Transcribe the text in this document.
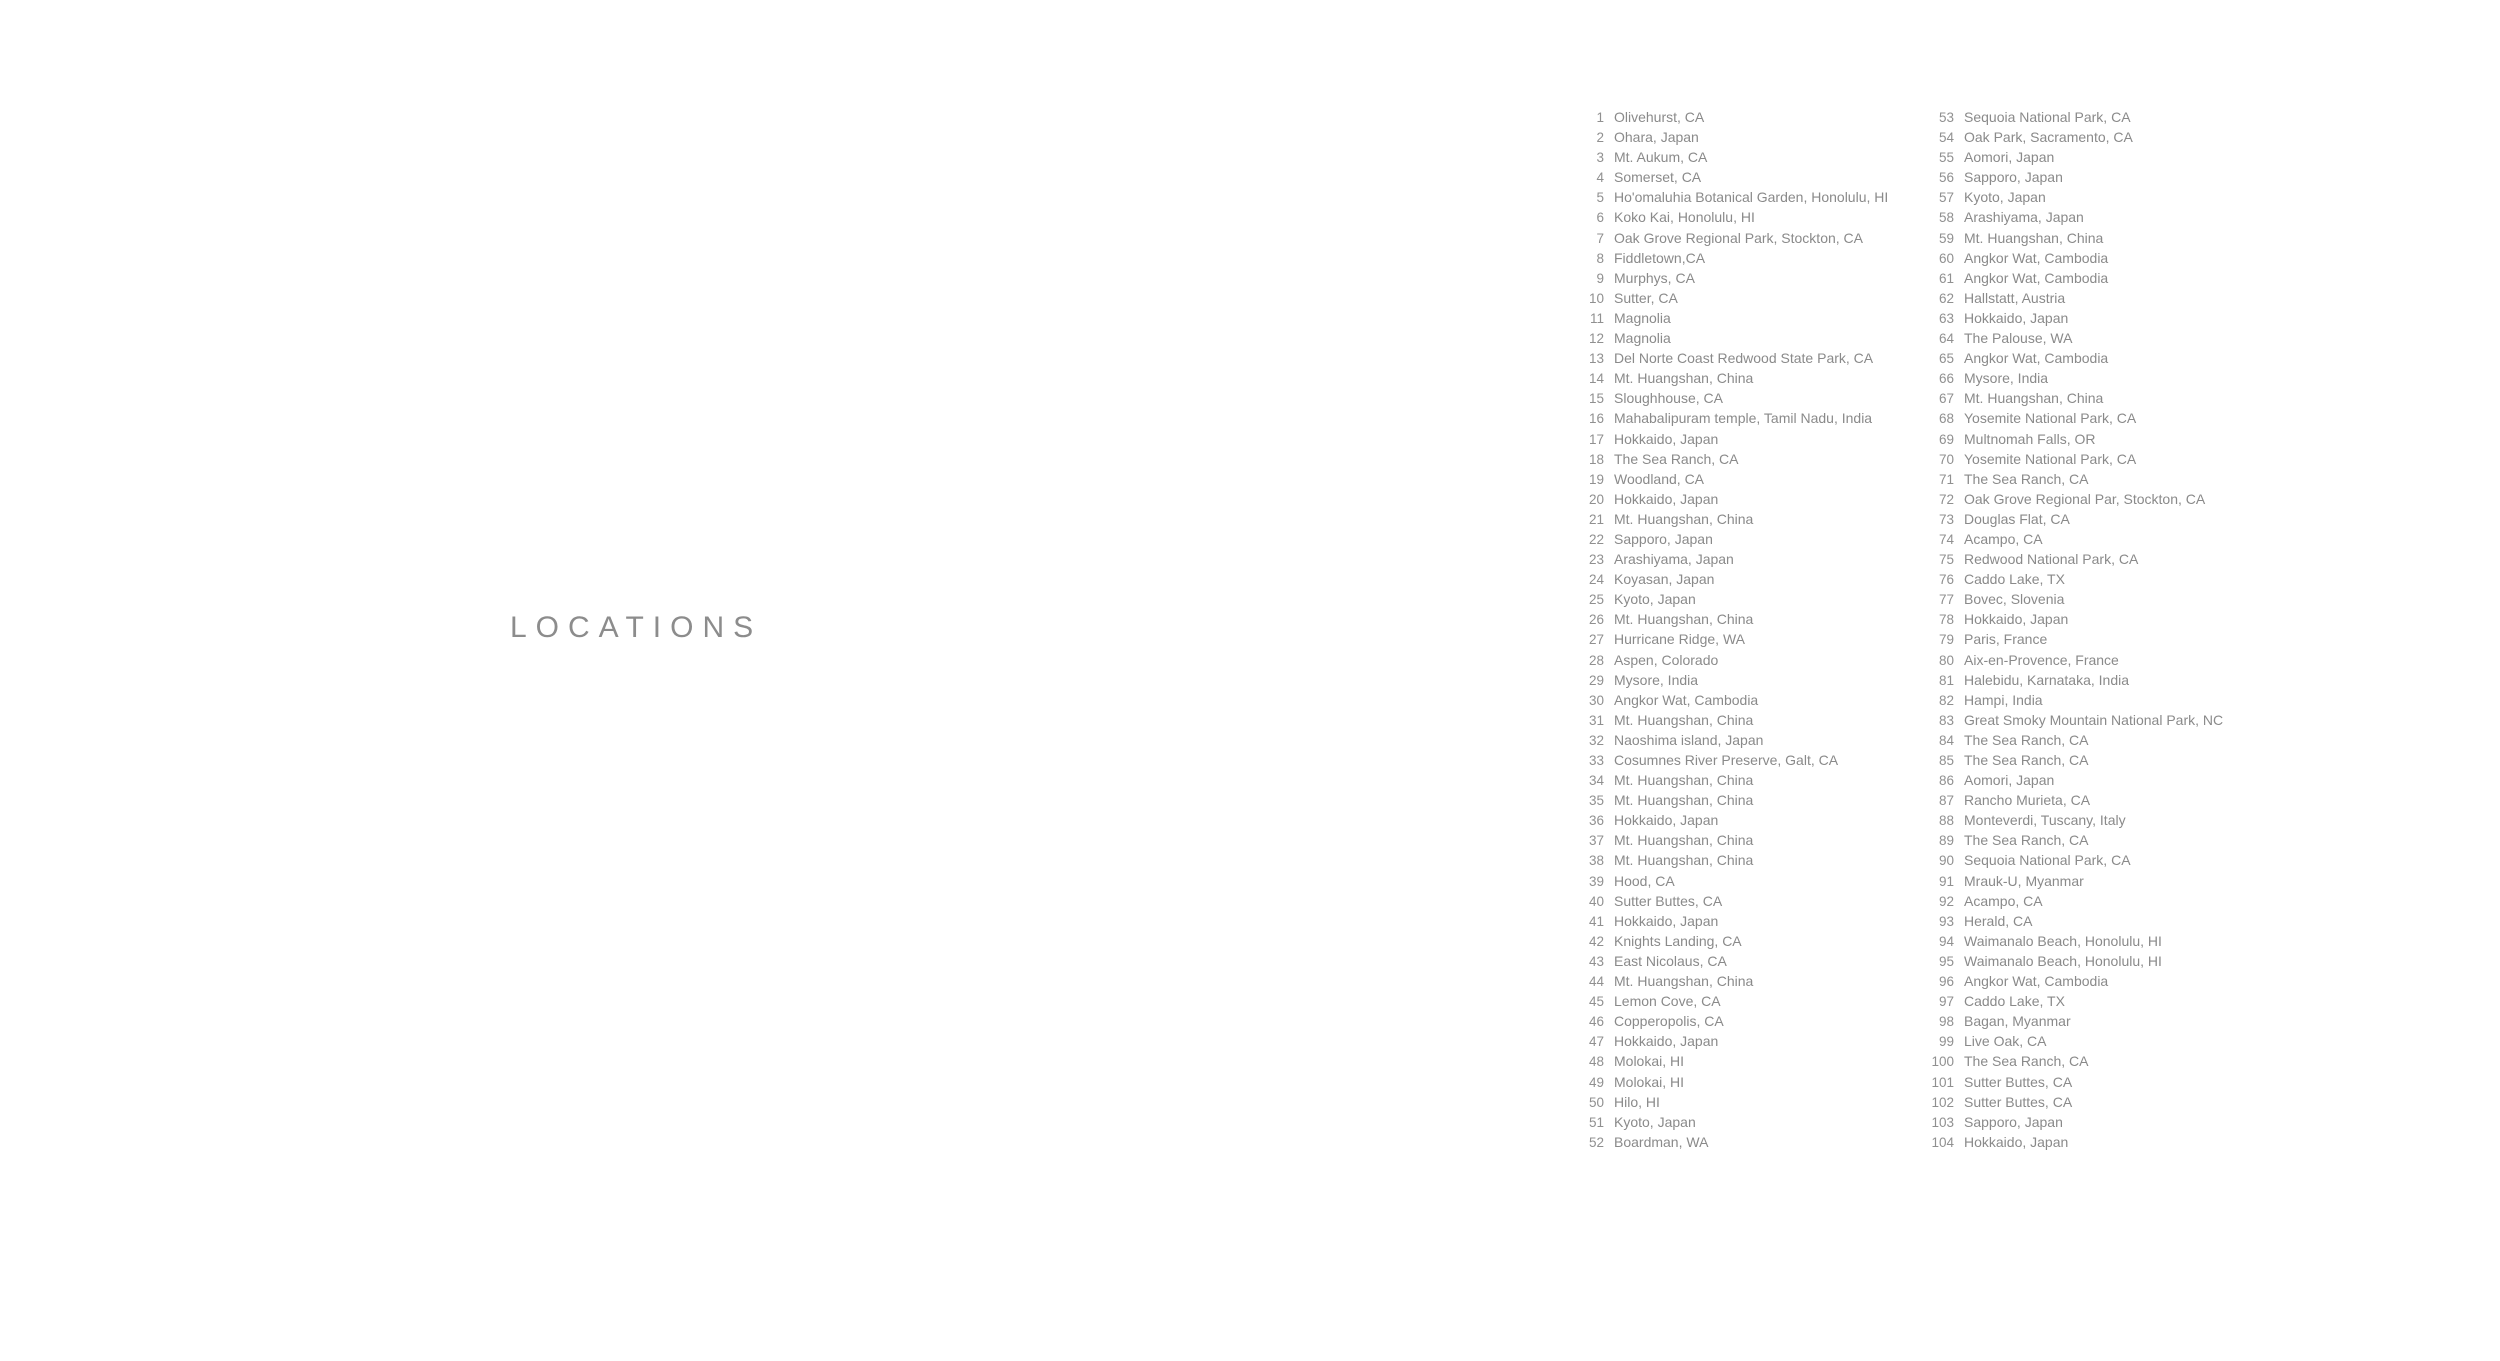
LOCATIONS
1 Olivehurst, CA
2 Ohara, Japan
3 Mt. Aukum, CA
4 Somerset, CA
5 Ho'omaluhia Botanical Garden, Honolulu, HI
6 Koko Kai, Honolulu, HI
7 Oak Grove Regional Park, Stockton, CA
8 Fiddletown,CA
9 Murphys, CA
10 Sutter, CA
11 Magnolia
12 Magnolia
13 Del Norte Coast Redwood State Park, CA
14 Mt. Huangshan, China
15 Sloughhouse, CA
16 Mahabalipuram temple, Tamil Nadu, India
17 Hokkaido, Japan
18 The Sea Ranch, CA
19 Woodland, CA
20 Hokkaido, Japan
21 Mt. Huangshan, China
22 Sapporo, Japan
23 Arashiyama, Japan
24 Koyasan, Japan
25 Kyoto, Japan
26 Mt. Huangshan, China
27 Hurricane Ridge, WA
28 Aspen, Colorado
29 Mysore, India
30 Angkor Wat, Cambodia
31 Mt. Huangshan, China
32 Naoshima island, Japan
33 Cosumnes River Preserve, Galt, CA
34 Mt. Huangshan, China
35 Mt. Huangshan, China
36 Hokkaido, Japan
37 Mt. Huangshan, China
38 Mt. Huangshan, China
39 Hood, CA
40 Sutter Buttes, CA
41 Hokkaido, Japan
42 Knights Landing, CA
43 East Nicolaus, CA
44 Mt. Huangshan, China
45 Lemon Cove, CA
46 Copperopolis, CA
47 Hokkaido, Japan
48 Molokai, HI
49 Molokai, HI
50 Hilo, HI
51 Kyoto, Japan
52 Boardman, WA
53 Sequoia National Park, CA
54 Oak Park, Sacramento, CA
55 Aomori, Japan
56 Sapporo, Japan
57 Kyoto, Japan
58 Arashiyama, Japan
59 Mt. Huangshan, China
60 Angkor Wat, Cambodia
61 Angkor Wat, Cambodia
62 Hallstatt, Austria
63 Hokkaido, Japan
64 The Palouse, WA
65 Angkor Wat, Cambodia
66 Mysore, India
67 Mt. Huangshan, China
68 Yosemite National Park, CA
69 Multnomah Falls, OR
70 Yosemite National Park, CA
71 The Sea Ranch, CA
72 Oak Grove Regional Par, Stockton, CA
73 Douglas Flat, CA
74 Acampo, CA
75 Redwood National Park, CA
76 Caddo Lake, TX
77 Bovec, Slovenia
78 Hokkaido, Japan
79 Paris, France
80 Aix-en-Provence, France
81 Halebidu, Karnataka, India
82 Hampi, India
83 Great Smoky Mountain National Park, NC
84 The Sea Ranch, CA
85 The Sea Ranch, CA
86 Aomori, Japan
87 Rancho Murieta, CA
88 Monteverdi, Tuscany, Italy
89 The Sea Ranch, CA
90 Sequoia National Park, CA
91 Mrauk-U, Myanmar
92 Acampo, CA
93 Herald, CA
94 Waimanalo Beach, Honolulu, HI
95 Waimanalo Beach, Honolulu, HI
96 Angkor Wat, Cambodia
97 Caddo Lake, TX
98 Bagan, Myanmar
99 Live Oak, CA
100 The Sea Ranch, CA
101 Sutter Buttes, CA
102 Sutter Buttes, CA
103 Sapporo, Japan
104 Hokkaido, Japan
